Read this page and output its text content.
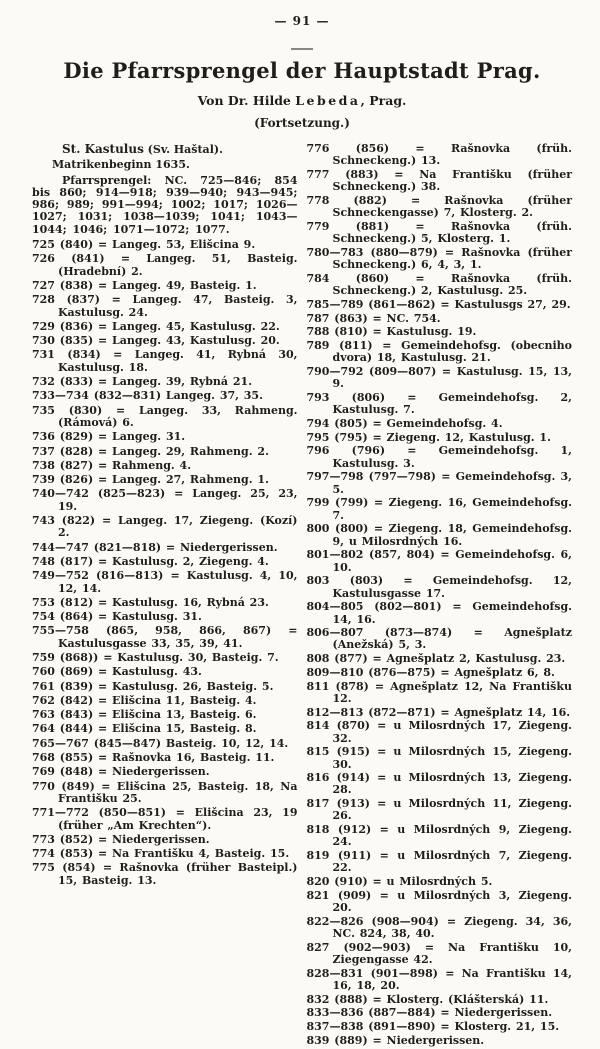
— 91 —

Die Pfarrsprengel der Hauptstadt Prag.

Von Dr. Hilde Lebeda, Prag.

(Fortsetzung.)

St. Kastulus (Sv. Haštal).

Matrikenbeginn 1635.

Pfarrsprengel: NC. 725—846; 854 bis 860; 914—918; 939—940; 943—945; 986; 989; 991—994; 1002; 1017; 1026—1027; 1031; 1038—1039; 1041; 1043—1044; 1046; 1071—1072; 1077.

725 (840) = Langeg. 53, Elišcina 9.

726 (841) = Langeg. 51, Basteig. (Hradební) 2.

727 (838) = Langeg. 49, Basteig. 1.

728 (837) = Langeg. 47, Basteig. 3, Kastulusg. 24.

729 (836) = Langeg. 45, Kastulusg. 22.

730 (835) = Langeg. 43, Kastulusg. 20.

731 (834) = Langeg. 41, Rybná 30, Kastulusg. 18.

732 (833) = Langeg. 39, Rybná 21.

733—734 (832—831) Langeg. 37, 35.

735 (830) = Langeg. 33, Rahmeng. (Rámová) 6.

736 (829) = Langeg. 31.

737 (828) = Langeg. 29, Rahmeng. 2.

738 (827) = Rahmeng. 4.

739 (826) = Langeg. 27, Rahmeng. 1.

740—742 (825—823) = Langeg. 25, 23, 19.

743 (822) = Langeg. 17, Ziegeng. (Kozí) 2.

744—747 (821—818) = Niedergerissen.

748 (817) = Kastulusg. 2, Ziegeng. 4.

749—752 (816—813) = Kastulusg. 4, 10, 12, 14.

753 (812) = Kastulusg. 16, Rybná 23.

754 (864) = Kastulusg. 31.

755—758 (865, 958, 866, 867) = Kastulusgasse 33, 35, 39, 41.

759 (868)) = Kastulusg. 30, Basteig. 7.

760 (869) = Kastulusg. 43.

761 (839) = Kastulusg. 26, Basteig. 5.

762 (842) = Elišcina 11, Basteig. 4.

763 (843) = Elišcina 13, Basteig. 6.

764 (844) = Elišcina 15, Basteig. 8.

765—767 (845—847) Basteig. 10, 12, 14.

768 (855) = Rašnovka 16, Basteig. 11.

769 (848) = Niedergerissen.

770 (849) = Elišcina 25, Basteig. 18, Na Františku 25.

771—772 (850—851) = Elišcina 23, 19 (früher „Am Krechten“).

773 (852) = Niedergerissen.

774 (853) = Na Františku 4, Basteig. 15.

775 (854) = Rašnovka (früher Basteipl.) 15, Basteig. 13.

776 (856) = Rašnovka (früh. Schneckeng.) 13.

777 (883) = Na Františku (früher Schneckeng.) 38.

778 (882) = Rašnovka (früher Schneckengasse) 7, Klosterg. 2.

779 (881) = Rašnovka (früh. Schneckeng.) 5, Klosterg. 1.

780—783 (880—879) = Rašnovka (früher Schneckeng.) 6, 4, 3, 1.

784 (860) = Rašnovka (früh. Schneckeng.) 2, Kastulusg. 25.

785—789 (861—862) = Kastulusgs 27, 29.

787 (863) = NC. 754.

788 (810) = Kastulusg. 19.

789 (811) = Gemeindehofsg. (obecniho dvora) 18, Kastulusg. 21.

790—792 (809—807) = Kastulusg. 15, 13, 9.

793 (806) = Gemeindehofsg. 2, Kastulusg. 7.

794 (805) = Gemeindehofsg. 4.

795 (795) = Ziegeng. 12, Kastulusg. 1.

796 (796) = Gemeindehofsg. 1, Kastulusg. 3.

797—798 (797—798) = Gemeindehofsg. 3, 5.

799 (799) = Ziegeng. 16, Gemeindehofsg. 7.

800 (800) = Ziegeng. 18, Gemeindehofsg. 9, u Milosrdných 16.

801—802 (857, 804) = Gemeindehofsg. 6, 10.

803 (803) = Gemeindehofsg. 12, Kastulusgasse 17.

804—805 (802—801) = Gemeindehofsg. 14, 16.

806—807 (873—874) = Agnešplatz (Anežská) 5, 3.

808 (877) = Agnešplatz 2, Kastulusg. 23.

809—810 (876—875) = Agnešplatz 6, 8.

811 (878) = Agnešplatz 12, Na Františku 12.

812—813 (872—871) = Agnešplatz 14, 16.

814 (870) = u Milosrdných 17, Ziegeng. 32.

815 (915) = u Milosrdných 15, Ziegeng. 30.

816 (914) = u Milosrdných 13, Ziegeng. 28.

817 (913) = u Milosrdných 11, Ziegeng. 26.

818 (912) = u Milosrdných 9, Ziegeng. 24.

819 (911) = u Milosrdných 7, Ziegeng. 22.

820 (910) = u Milosrdných 5.

821 (909) = u Milosrdných 3, Ziegeng. 20.

822—826 (908—904) = Ziegeng. 34, 36, NC. 824, 38, 40.

827 (902—903) = Na Františku 10, Ziegengasse 42.

828—831 (901—898) = Na Františku 14, 16, 18, 20.

832 (888) = Klosterg. (Klášterská) 11.

833—836 (887—884) = Niedergerissen.

837—838 (891—890) = Klosterg. 21, 15.

839 (889) = Niedergerissen.
